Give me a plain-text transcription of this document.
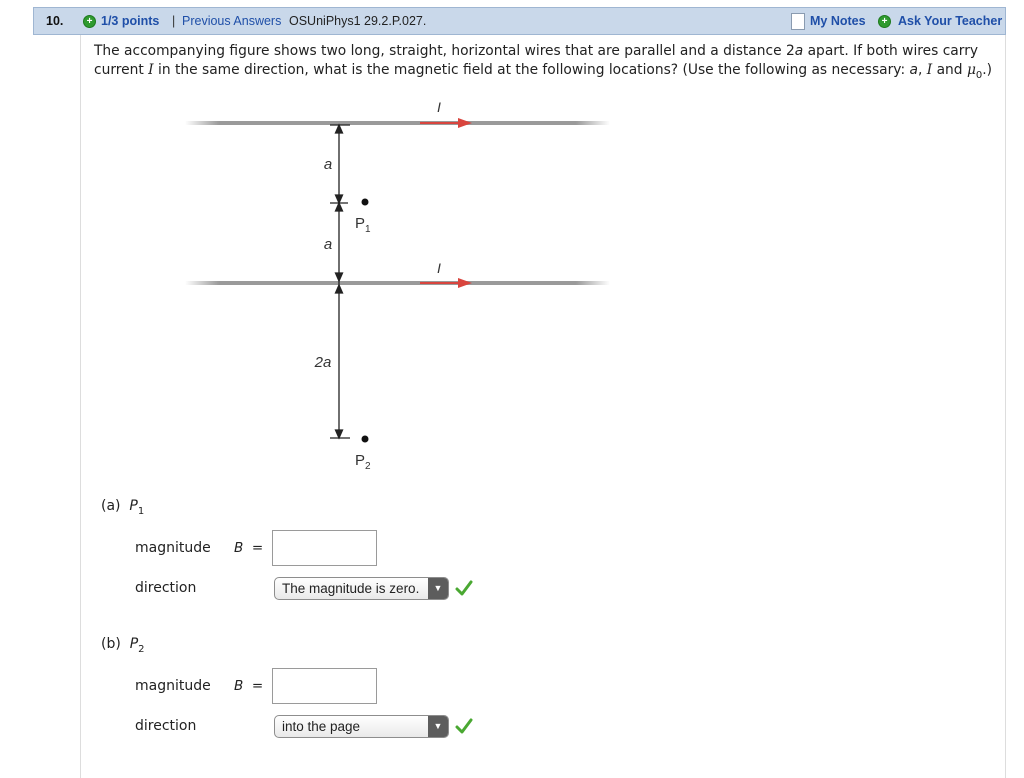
10.	+ 1/3 points | Previous Answers OSUniPhys1 29.2.P.027.	My Notes	+ Ask Your Teacher
The accompanying figure shows two long, straight, horizontal wires that are parallel and a distance 2a apart. If both wires carry current I in the same direction, what is the magnetic field at the following locations? (Use the following as necessary: a, I and $\mu_0$.)
I
I
a
a
2a
$P_1$
$P_2$
(a) $P_1$
magnitude B =
direction	The magnitude is zero.	▼
(b) $P_2$
magnitude B =
direction	into the page	▼
